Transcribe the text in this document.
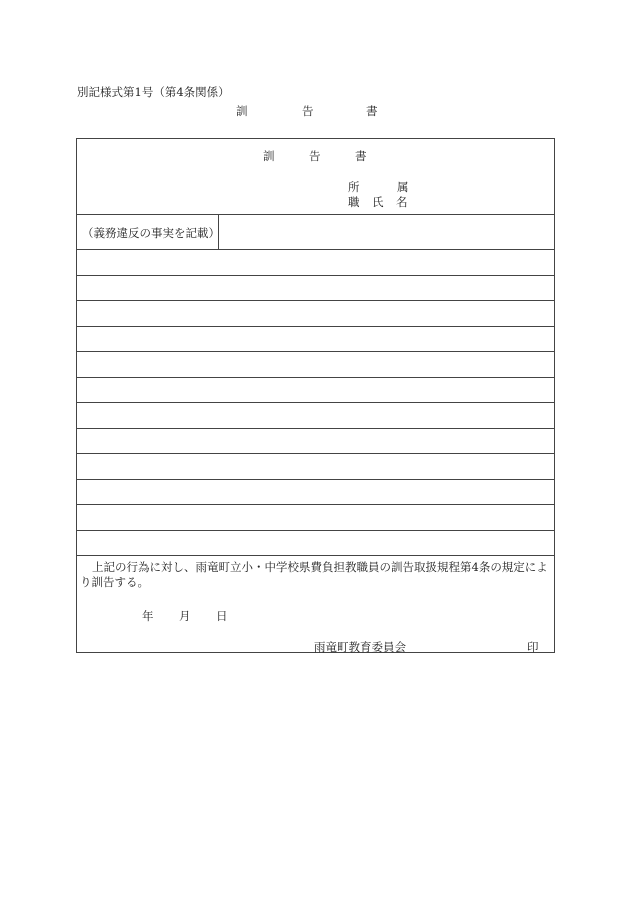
別記様式第1号（第4条関係）
訓	告	書
訓	告	書
所	属
職 氏 名
（義務違反の事実を記載）
上記の行為に対し、雨竜町立小・中学校県費負担教職員の訓告取扱規程第4条の規定により訓告する。
年 月 日
雨竜町教育委員会	印
